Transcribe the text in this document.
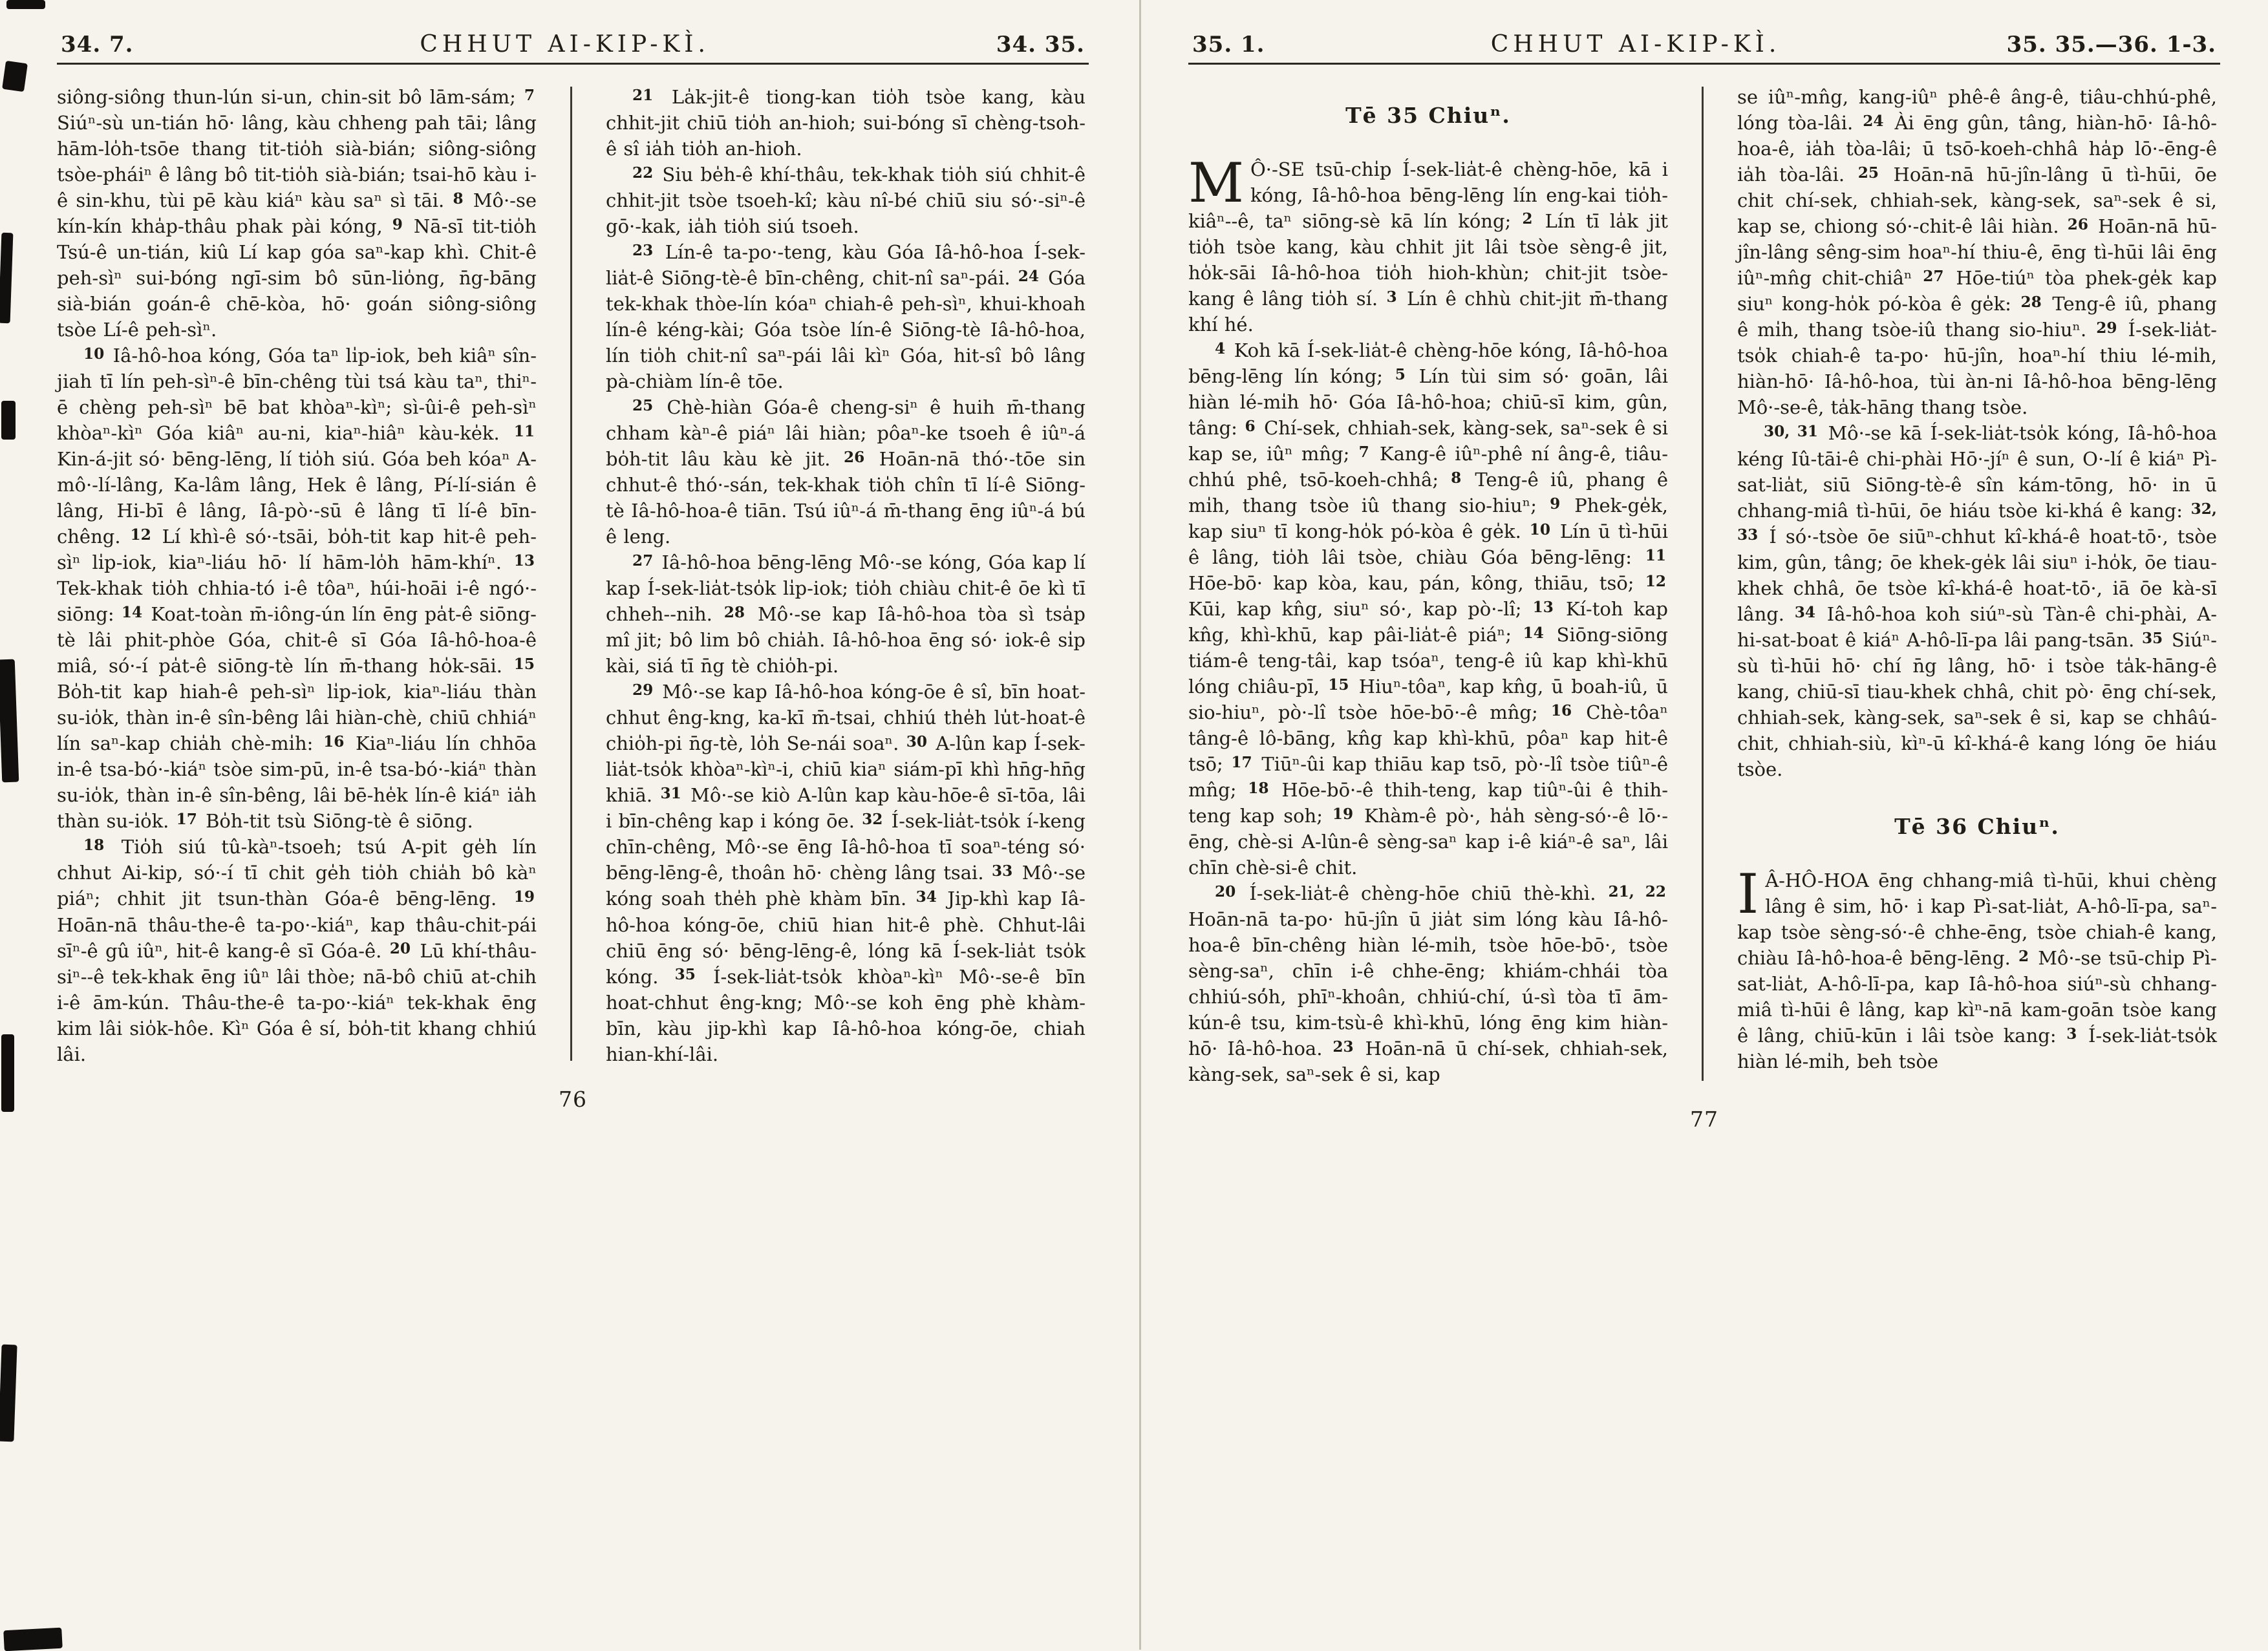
34. 7.	CHHUT AI-KIP-KÌ.	34. 35.

siông-siông thun-lún si-un, chin-sit bô lām-sám; 7 Siúⁿ-sù un-tián hō· lâng, kàu chheng pah tāi; lâng hām-lo̍h-tsōe thang tit-tio̍h sià-bián; siông-siông tsòe-pháiⁿ ê lâng bô tit-tio̍h sià-bián; tsai-hō kàu i-ê sin-khu, tùi pē kàu kiáⁿ kàu saⁿ sì tāi. 8 Mô·-se kín-kín kha̍p-thâu phak pài kóng, 9 Nā-sī tit-tio̍h Tsú-ê un-tián, kiû Lí kap góa saⁿ-kap khì. Chit-ê peh-sìⁿ sui-bóng ngī-sim bô sūn-lio̍ng, n̄g-bāng sià-bián goán-ê chē-kòa, hō· goán siông-siông tsòe Lí-ê peh-sìⁿ.

10 Iâ-hô-hoa kóng, Góa taⁿ li̍p-iok, beh kiâⁿ sîn-jiah tī lín peh-sìⁿ-ê bīn-chêng tùi tsá kàu taⁿ, thiⁿ-ē chèng peh-sìⁿ bē bat khòaⁿ-kìⁿ; sì-ûi-ê peh-sìⁿ khòaⁿ-kìⁿ Góa kiâⁿ au-ni, kiaⁿ-hiâⁿ kàu-ke̍k. 11 Kin-á-jit só· bēng-lēng, lí tio̍h siú. Góa beh kóaⁿ A-mô·-lí-lâng, Ka-lâm lâng, Hek ê lâng, Pí-lí-sián ê lâng, Hi-bī ê lâng, Iâ-pò·-sū ê lâng tī lí-ê bīn-chêng. 12 Lí khì-ê só·-tsāi, bo̍h-tit kap hit-ê peh-sìⁿ li̍p-iok, kiaⁿ-liáu hō· lí hām-lo̍h hām-khíⁿ. 13 Tek-khak tio̍h chhia-tó i-ê tôaⁿ, húi-hoāi i-ê ngó·-siōng: 14 Koat-toàn m̄-iông-ún lín ēng pa̍t-ê siōng-tè lâi phit-phòe Góa, chit-ê sī Góa Iâ-hô-hoa-ê miâ, só·-í pa̍t-ê siōng-tè lín m̄-thang ho̍k-sāi. 15 Bo̍h-tit kap hiah-ê peh-sìⁿ li̍p-iok, kiaⁿ-liáu thàn su-io̍k, thàn in-ê sîn-bêng lâi hiàn-chè, chiū chhiáⁿ lín saⁿ-kap chia̍h chè-mi̍h: 16 Kiaⁿ-liáu lín chhōa in-ê tsa-bó·-kiáⁿ tsòe sim-pū, in-ê tsa-bó·-kiáⁿ thàn su-io̍k, thàn in-ê sîn-bêng, lâi bē-he̍k lín-ê kiáⁿ ia̍h thàn su-io̍k. 17 Bo̍h-tit tsù Siōng-tè ê siōng.

18 Tio̍h siú tû-kàⁿ-tsoeh; tsú A-pit ge̍h lín chhut Ai-kip, só·-í tī chit ge̍h tio̍h chia̍h bô kàⁿ piáⁿ; chhit jit tsun-thàn Góa-ê bēng-lēng. 19 Hoān-nā thâu-the-ê ta-po·-kiáⁿ, kap thâu-chit-pái sīⁿ-ê gû iûⁿ, hit-ê kang-ê sī Góa-ê. 20 Lū khí-thâu-siⁿ--ê tek-khak ēng iûⁿ lâi thòe; nā-bô chiū at-chih i-ê ām-kún. Thâu-the-ê ta-po·-kiáⁿ tek-khak ēng kim lâi sio̍k-hôe. Kìⁿ Góa ê sí, bo̍h-tit khang chhiú lâi.

21 La̍k-jit-ê tiong-kan tio̍h tsòe kang, kàu chhit-jit chiū tio̍h an-hioh; sui-bóng sī chèng-tsoh-ê sî ia̍h tio̍h an-hioh.

22 Siu be̍h-ê khí-thâu, tek-khak tio̍h siú chhit-ê chhit-jit tsòe tsoeh-kî; kàu nî-bé chiū siu só·-siⁿ-ê gō·-kak, ia̍h tio̍h siú tsoeh.

23 Lín-ê ta-po·-teng, kàu Góa Iâ-hô-hoa Í-sek-lia̍t-ê Siōng-tè-ê bīn-chêng, chit-nî saⁿ-pái. 24 Góa tek-khak thòe-lín kóaⁿ chiah-ê peh-sìⁿ, khui-khoah lín-ê kéng-kài; Góa tsòe lín-ê Siōng-tè Iâ-hô-hoa, lín tio̍h chit-nî saⁿ-pái lâi kìⁿ Góa, hit-sî bô lâng pà-chiàm lín-ê tōe.

25 Chè-hiàn Góa-ê cheng-siⁿ ê huih m̄-thang chham kàⁿ-ê piáⁿ lâi hiàn; pôaⁿ-ke tsoeh ê iûⁿ-á bo̍h-tit lâu kàu kè jit. 26 Hoān-nā thó·-tōe sin chhut-ê thó·-sán, tek-khak tio̍h chîn tī lí-ê Siōng-tè Iâ-hô-hoa-ê tiān. Tsú iûⁿ-á m̄-thang ēng iûⁿ-á bú ê leng.

27 Iâ-hô-hoa bēng-lēng Mô·-se kóng, Góa kap lí kap Í-sek-lia̍t-tso̍k li̍p-iok; tio̍h chiàu chit-ê ōe kì tī chheh--nih. 28 Mô·-se kap Iâ-hô-hoa tòa sì tsa̍p mî jit; bô lim bô chia̍h. Iâ-hô-hoa ēng só· iok-ê si̍p kài, siá tī n̄g tè chio̍h-pi.

29 Mô·-se kap Iâ-hô-hoa kóng-ōe ê sî, bīn hoat-chhut êng-kng, ka-kī m̄-tsai, chhiú the̍h lu̍t-hoat-ê chio̍h-pi n̄g-tè, lo̍h Se-nái soaⁿ. 30 A-lûn kap Í-sek-lia̍t-tso̍k khòaⁿ-kìⁿ-i, chiū kiaⁿ siám-pī khì hn̄g-hn̄g khiā. 31 Mô·-se kiò A-lûn kap kàu-hōe-ê sī-tōa, lâi i bīn-chêng kap i kóng ōe. 32 Í-sek-lia̍t-tso̍k í-keng chīn-chêng, Mô·-se ēng Iâ-hô-hoa tī soaⁿ-téng só· bēng-lēng-ê, thoân hō· chèng lâng tsai. 33 Mô·-se kóng soah the̍h phè khàm bīn. 34 Jip-khì kap Iâ-hô-hoa kóng-ōe, chiū hian hit-ê phè. Chhut-lâi chiū ēng só· bēng-lēng-ê, lóng kā Í-sek-lia̍t tso̍k kóng. 35 Í-sek-lia̍t-tso̍k khòaⁿ-kìⁿ Mô·-se-ê bīn hoat-chhut êng-kng; Mô·-se koh ēng phè khàm-bīn, kàu jip-khì kap Iâ-hô-hoa kóng-ōe, chiah hian-khí-lâi.

76
35. 1.	CHHUT AI-KIP-KÌ.	35. 35.—36. 1-3.
Tē 35 Chiuⁿ.

M Ô·-SE tsū-chi̍p Í-sek-lia̍t-ê chèng-hōe, kā i kóng, Iâ-hô-hoa bēng-lēng lín eng-kai tio̍h-kiâⁿ--ê, taⁿ siōng-sè kā lín kóng; 2 Lín tī la̍k jit tio̍h tsòe kang, kàu chhit jit lâi tsòe sèng-ê jit, ho̍k-sāi Iâ-hô-hoa tio̍h hioh-khùn; chit-jit tsòe-kang ê lâng tio̍h sí. 3 Lín ê chhù chit-jit m̄-thang khí hé.

4 Koh kā Í-sek-lia̍t-ê chèng-hōe kóng, Iâ-hô-hoa bēng-lēng lín kóng; 5 Lín tùi sim só· goān, lâi hiàn lé-mi̍h hō· Góa Iâ-hô-hoa; chiū-sī kim, gûn, tâng: 6 Chí-sek, chhiah-sek, kàng-sek, saⁿ-sek ê si kap se, iûⁿ mn̂g; 7 Kang-ê iûⁿ-phê ní âng-ê, tiâu-chhú phê, tsō-koeh-chhâ; 8 Teng-ê iû, phang ê mi̍h, thang tsòe iû thang sio-hiuⁿ; 9 Phek-ge̍k, kap siuⁿ tī kong-ho̍k pó-kòa ê ge̍k. 10 Lín ū tì-hūi ê lâng, tio̍h lâi tsòe, chiàu Góa bēng-lēng: 11 Hōe-bō· kap kòa, kau, pán, kông, thiāu, tsō; 12 Kūi, kap kn̂g, siuⁿ só·, kap pò·-lî; 13 Kí-toh kap kn̂g, khì-khū, kap pâi-lia̍t-ê piáⁿ; 14 Siōng-siōng tiám-ê teng-tâi, kap tsóaⁿ, teng-ê iû kap khì-khū lóng chiâu-pī, 15 Hiuⁿ-tôaⁿ, kap kn̂g, ū boah-iû, ū sio-hiuⁿ, pò·-lî tsòe hōe-bō·-ê mn̂g; 16 Chè-tôaⁿ tâng-ê lô-bāng, kn̂g kap khì-khū, pôaⁿ kap hit-ê tsō; 17 Tiūⁿ-ûi kap thiāu kap tsō, pò·-lî tsòe tiûⁿ-ê mn̂g; 18 Hōe-bō·-ê thih-teng, kap tiûⁿ-ûi ê thih-teng kap soh; 19 Khàm-ê pò·, ha̍h sèng-só·-ê lō·-ēng, chè-si A-lûn-ê sèng-saⁿ kap i-ê kiáⁿ-ê saⁿ, lâi chīn chè-si-ê chit.

20 Í-sek-lia̍t-ê chèng-hōe chiū thè-khì. 21, 22 Hoān-nā ta-po· hū-jîn ū jia̍t sim lóng kàu Iâ-hô-hoa-ê bīn-chêng hiàn lé-mi̍h, tsòe hōe-bō·, tsòe sèng-saⁿ, chīn i-ê chhe-ēng; khiám-chhái tòa chhiú-só̍h, phīⁿ-khoân, chhiú-chí, ú-sì tòa tī ām-kún-ê tsu, kim-tsù-ê khì-khū, lóng ēng kim hiàn-hō· Iâ-hô-hoa. 23 Hoān-nā ū chí-sek, chhiah-sek, kàng-sek, saⁿ-sek ê si, kap

se iûⁿ-mn̂g, kang-iûⁿ phê-ê âng-ê, tiâu-chhú-phê, lóng tòa-lâi. 24 Ài ēng gûn, tâng, hiàn-hō· Iâ-hô-hoa-ê, ia̍h tòa-lâi; ū tsō-koeh-chhâ ha̍p lō·-ēng-ê ia̍h tòa-lâi. 25 Hoān-nā hū-jîn-lâng ū tì-hūi, ōe chit chí-sek, chhiah-sek, kàng-sek, saⁿ-sek ê si, kap se, chiong só·-chit-ê lâi hiàn. 26 Hoān-nā hū-jîn-lâng sêng-sim hoaⁿ-hí thiu-ê, ēng tì-hūi lâi ēng iûⁿ-mn̂g chit-chiâⁿ 27 Hōe-tiúⁿ tòa phek-ge̍k kap siuⁿ kong-ho̍k pó-kòa ê ge̍k: 28 Teng-ê iû, phang ê mi̍h, thang tsòe-iû thang sio-hiuⁿ. 29 Í-sek-lia̍t-tso̍k chiah-ê ta-po· hū-jîn, hoaⁿ-hí thiu lé-mi̍h, hiàn-hō· Iâ-hô-hoa, tùi àn-ni Iâ-hô-hoa bēng-lēng Mô·-se-ê, ta̍k-hāng thang tsòe.

30, 31 Mô·-se kā Í-sek-lia̍t-tso̍k kóng, Iâ-hô-hoa kéng Iû-tāi-ê chi-phài Hō·-jíⁿ ê sun, O·-lí ê kiáⁿ Pì-sat-lia̍t, siū Siōng-tè-ê sîn kám-tōng, hō· in ū chhang-miâ tì-hūi, ōe hiáu tsòe ki-khá ê kang: 32, 33 Í só·-tsòe ōe siūⁿ-chhut kî-khá-ê hoat-tō·, tsòe kim, gûn, tâng; ōe khek-ge̍k lâi siuⁿ i-ho̍k, ōe tiau-khek chhâ, ōe tsòe kî-khá-ê hoat-tō·, iā ōe kà-sī lâng. 34 Iâ-hô-hoa koh siúⁿ-sù Tàn-ê chi-phài, A-hi-sat-boat ê kiáⁿ A-hô-lī-pa lâi pang-tsān. 35 Siúⁿ-sù tì-hūi hō· chí n̄g lâng, hō· i tsòe ta̍k-hāng-ê kang, chiū-sī tiau-khek chhâ, chit pò· ēng chí-sek, chhiah-sek, kàng-sek, saⁿ-sek ê si, kap se chhâú-chit, chhiah-siù, kìⁿ-ū kî-khá-ê kang lóng ōe hiáu tsòe.

Tē 36 Chiuⁿ.

I Â-HÔ-HOA ēng chhang-miâ tì-hūi, khui chèng lâng ê sim, hō· i kap Pì-sat-lia̍t, A-hô-lī-pa, saⁿ-kap tsòe sèng-só·-ê chhe-ēng, tsòe chiah-ê kang, chiàu Iâ-hô-hoa-ê bēng-lēng. 2 Mô·-se tsū-chi̍p Pì-sat-lia̍t, A-hô-lī-pa, kap Iâ-hô-hoa siúⁿ-sù chhang-miâ tì-hūi ê lâng, kap kìⁿ-nā kam-goān tsòe kang ê lâng, chiū-kūn i lâi tsòe kang: 3 Í-sek-lia̍t-tso̍k hiàn lé-mi̍h, beh tsòe

77
